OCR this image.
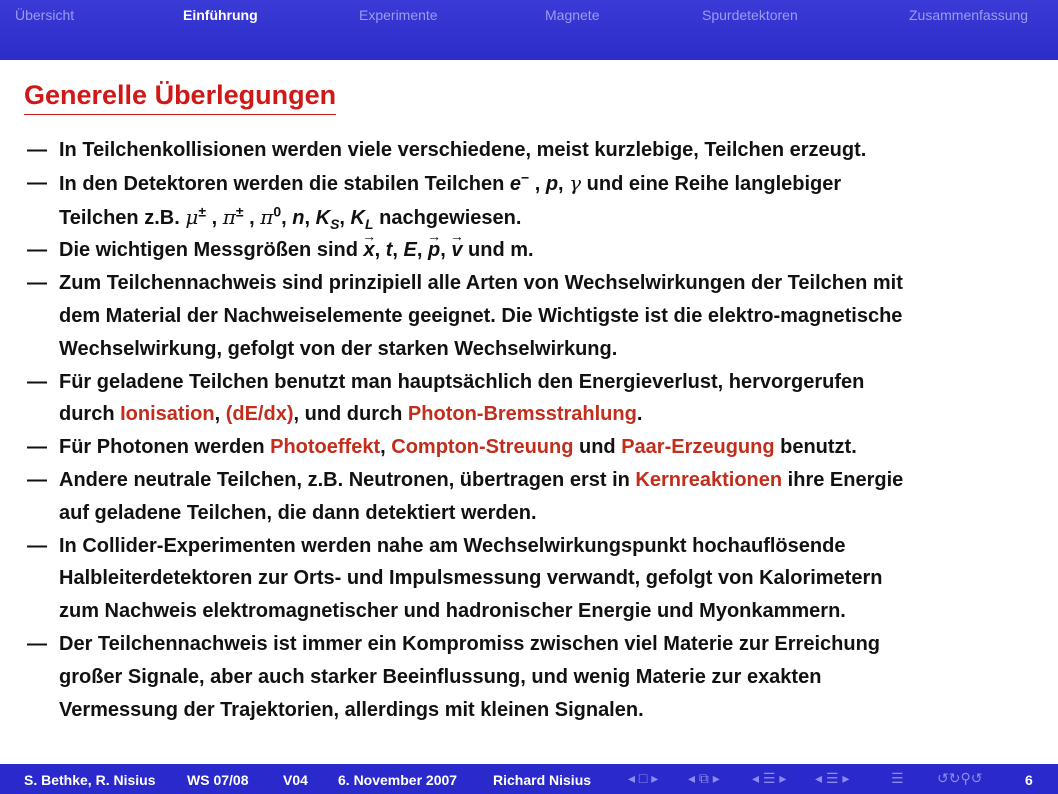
Übersicht	Einführung	Experimente	Magnete	Spurdetektoren	Zusammenfassung
Generelle Überlegungen
— In Teilchenkollisionen werden viele verschiedene, meist kurzlebige, Teilchen erzeugt.
— In den Detektoren werden die stabilen Teilchen e− , p, γ und eine Reihe langlebiger
Teilchen z.B. μ± , π± , $\pi^0$, n, $K_S$, $K_L$ nachgewiesen.
— Die wichtigen Messgrößen sind x →, t, E, p →, v → und m.
— Zum Teilchennachweis sind prinzipiell alle Arten von Wechselwirkungen der Teilchen mit
dem Material der Nachweiselemente geeignet. Die Wichtigste ist die elektro-magnetische
Wechselwirkung, gefolgt von der starken Wechselwirkung.
— Für geladene Teilchen benutzt man hauptsächlich den Energieverlust, hervorgerufen
durch Ionisation, (dE/dx), und durch Photon-Bremsstrahlung.
— Für Photonen werden Photoeffekt, Compton-Streuung und Paar-Erzeugung benutzt.
— Andere neutrale Teilchen, z.B. Neutronen, übertragen erst in Kernreaktionen ihre Energie
auf geladene Teilchen, die dann detektiert werden.
— In Collider-Experimenten werden nahe am Wechselwirkungspunkt hochauflösende
Halbleiterdetektoren zur Orts- und Impulsmessung verwandt, gefolgt von Kalorimetern
zum Nachweis elektromagnetischer und hadronischer Energie und Myonkammern.
— Der Teilchennachweis ist immer ein Kompromiss zwischen viel Materie zur Erreichung
großer Signale, aber auch starker Beeinflussung, und wenig Materie zur exakten
Vermessung der Trajektorien, allerdings mit kleinen Signalen.
S. Bethke, R. Nisius WS 07/08 V04 6. November 2007	Richard Nisius	◂ □ ▸ ◂ ⧉ ▸ ◂ ☰ ▸ ◂ ☰ ▸	☰ ↺↻⚲↺	6
